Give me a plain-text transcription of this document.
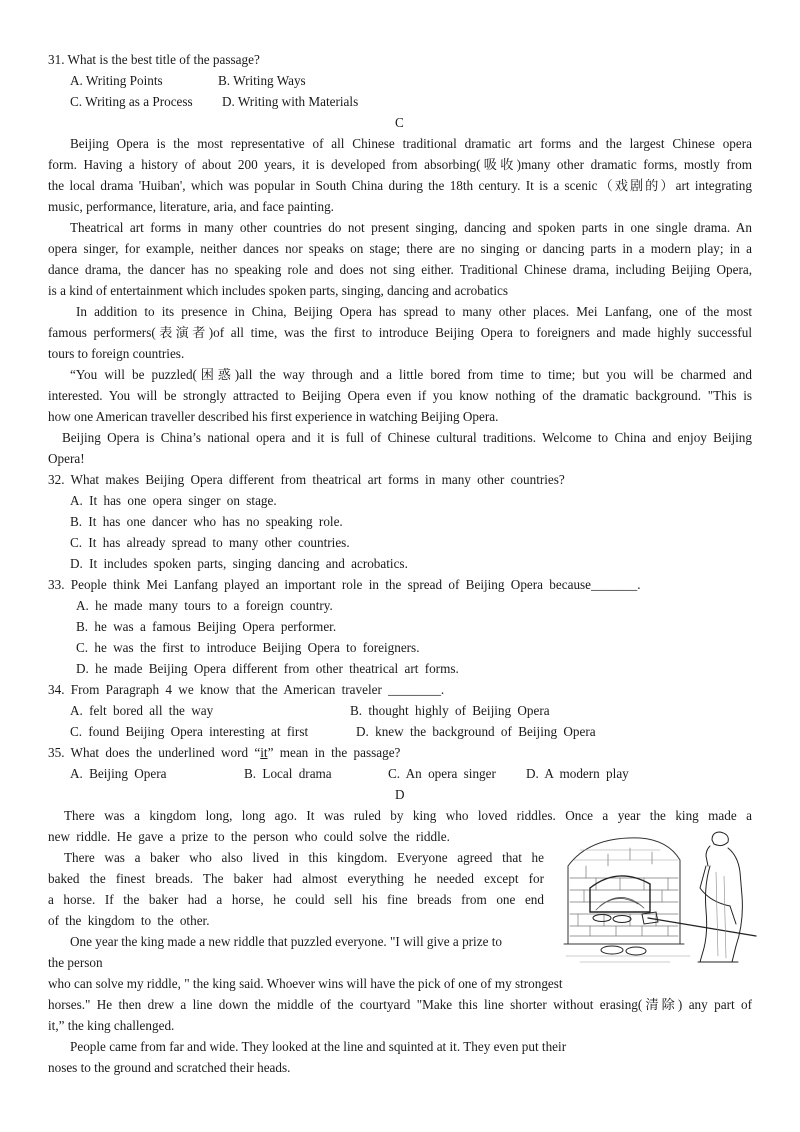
31. What is the best title of the passage?
A. Writing Points	B. Writing Ways
C. Writing as a Process D. Writing with Materials
C
Beijing Opera is the most representative of all Chinese traditional dramatic art forms and the largest Chinese opera
form. Having a history of about 200 years, it is developed from absorbing(吸收)many other dramatic forms, mostly from
the local drama 'Huiban', which was popular in South China during the 18th century. It is a scenic（戏剧的）art integrating
music, performance, literature, aria, and face painting.
Theatrical art forms in many other countries do not present singing, dancing and spoken parts in one single drama. An
opera singer, for example, neither dances nor speaks on stage; there are no singing or dancing parts in a modern play; in a
dance drama, the dancer has no speaking role and does not sing either. Traditional Chinese drama, including Beijing Opera,
is a kind of entertainment which includes spoken parts, singing, dancing and acrobatics
In addition to its presence in China, Beijing Opera has spread to many other places. Mei Lanfang, one of the most
famous performers(表演者)of all time, was the first to introduce Beijing Opera to foreigners and made highly successful
tours to foreign countries.
“You will be puzzled(困惑)all the way through and a little bored from time to time; but you will be charmed and
interested. You will be strongly attracted to Beijing Opera even if you know nothing of the dramatic background. "This is
how one American traveller described his first experience in watching Beijing Opera.
Beijing Opera is China’s national opera and it is full of Chinese cultural traditions. Welcome to China and enjoy Beijing
Opera!
32. What makes Beijing Opera different from theatrical art forms in many other countries?
A. It has one opera singer on stage.
B. It has one dancer who has no speaking role.
C. It has already spread to many other countries.
D. It includes spoken parts, singing dancing and acrobatics.
33. People think Mei Lanfang played an important role in the spread of Beijing Opera because_______.
A. he made many tours to a foreign country.
B. he was a famous Beijing Opera performer.
C. he was the first to introduce Beijing Opera to foreigners.
D. he made Beijing Opera different from other theatrical art forms.
34. From Paragraph 4 we know that the American traveler ________.
A. felt bored all the way	B. thought highly of Beijing Opera
C. found Beijing Opera interesting at first	D. knew the background of Beijing Opera
35. What does the underlined word “it” mean in the passage?
A. Beijing Opera	B. Local drama	C. An opera singer D. A modern play
D
There was a kingdom long, long ago. It was ruled by king who loved riddles. Once a year the king made a
new riddle. He gave a prize to the person who could solve the riddle.
There was a baker who also lived in this kingdom. Everyone agreed that he
baked the finest breads. The baker had almost everything he needed except for
a horse. If the baker had a horse, he could sell his fine breads from one end
of the kingdom to the other.
One year the king made a new riddle that puzzled everyone. "I will give a prize to
the person
who can solve my riddle, " the king said. Whoever wins will have the pick of one of my strongest
horses." He then drew a line down the middle of the courtyard "Make this line shorter without erasing(清除) any part of
it,” the king challenged.
People came from far and wide. They looked at the line and squinted at it. They even put their
noses to the ground and scratched their heads.
